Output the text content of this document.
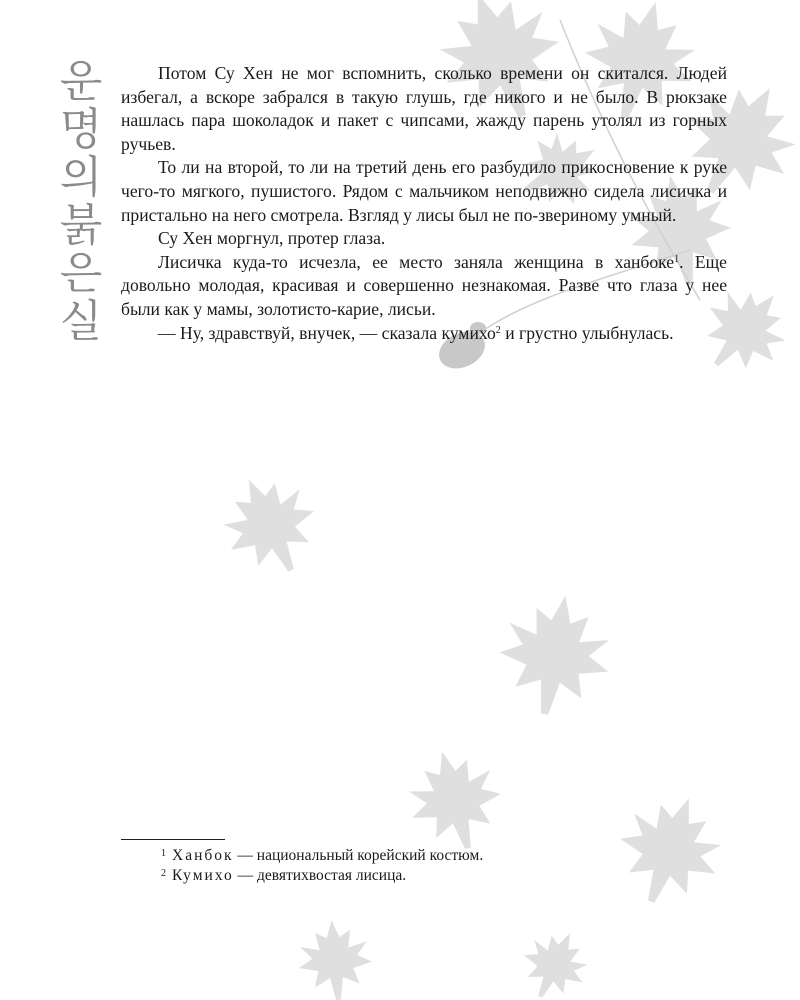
운
명
의
붉
은
실

Потом Су Хен не мог вспомнить, сколько времени он скитался. Людей избегал, а вскоре забрался в такую глушь, где никого и не было. В рюкзаке нашлась пара шоколадок и пакет с чипсами, жажду парень утолял из горных ручьев.

То ли на второй, то ли на третий день его разбудило прикосновение к руке чего-то мягкого, пушистого. Рядом с мальчиком неподвижно сидела лисичка и пристально на него смотрела. Взгляд у лисы был не по-звериному умный.

Су Хен моргнул, протер глаза.

Лисичка куда-то исчезла, ее место заняла женщина в ханбоке$^1$. Еще довольно молодая, красивая и совершенно незнакомая. Разве что глаза у нее были как у мамы, золотисто-карие, лисьи.

— Ну, здравствуй, внучек, — сказала кумихо$^2$ и грустно улыбнулась.

1 Ханбок — национальный корейский костюм.
2 Кумихо — девятихвостая лисица.
